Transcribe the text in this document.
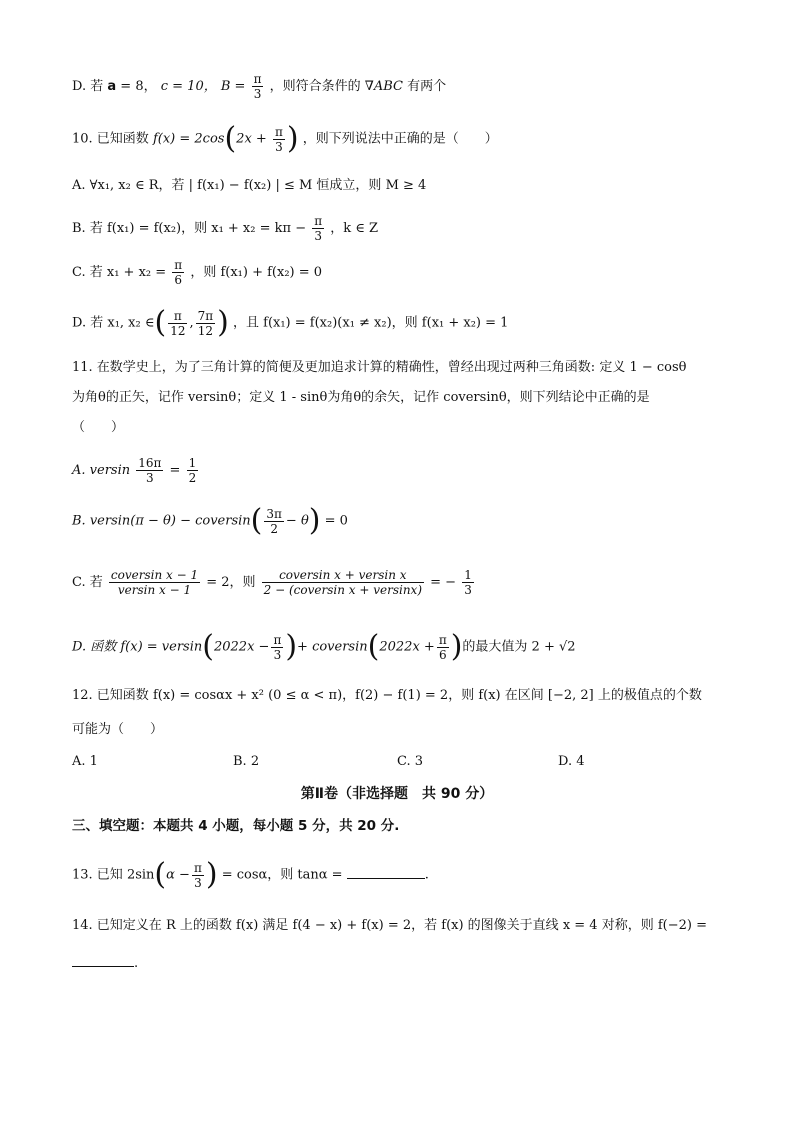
D. 若 a = 8， c = 10， $B = \frac{\pi}{3}$ ，则符合条件的 ∇ABC 有两个
10. 已知函数 $f(x) = 2\cos(2x + \frac{\pi}{3}$ ) ，则下列说法中正确的是（　　）
A. ∀x₁, x₂ ∈ R，若 | f(x₁) − f(x₂) | ≤ M 恒成立，则 M ≥ 4
B. 若 f(x₁) = f(x₂)，则 $x_1 + x_2 = k\pi - \frac{\pi}{3}$ ，k ∈ Z
C. 若 $x_1 + x_2 = \frac{\pi}{6}$ ，则 f(x₁) + f(x₂) = 0
D. 若 x₁, x₂ ∈( $\frac{\pi}{12}$ , $\frac{7\pi}{12}$ ) ，且 f(x₁) = f(x₂)(x₁ ≠ x₂)，则 f(x₁ + x₂) = 1
11. 在数学史上，为了三角计算的简便及更加追求计算的精确性，曾经出现过两种三角函数: 定义 1 − cosθ
为角θ的正矢，记作 versinθ；定义 1 - sinθ为角θ的余矢，记作 coversinθ，则下列结论中正确的是
（　　）
A. versin $\frac{16\pi}{3} = \frac{1}{2}$
B. versin(π − θ) − coversin( $\frac{3\pi}{2} - \theta) = 0$
C. 若 $\frac{\text{coversin x − 1}}{\text{versin x − 1}} = 2$，则 $\frac{\text{coversin x + versin x}}{\text{2 − (coversin x + versinx)}}$ = − $\frac{1}{3}$
D. 函数 $f(x) = versin(2022x - \frac{\pi}{3}$ )+ coversin(2022x + $\frac{\pi}{6}$ )的最大值为 2 + √2
12. 已知函数 f(x) = cosαx + x² (0 ≤ α < π)，f(2) − f(1) = 2，则 f(x) 在区间 [−2, 2] 上的极值点的个数
可能为（　　）
A. 1	B. 2	C. 3	D. 4
第Ⅱ卷（非选择题　共 90 分）
三、填空题：本题共 4 小题，每小题 5 分，共 20 分.
13. 已知 $2\sin(\alpha - \frac{\pi}{3}$ ) = cosα，则 tanα =	.
14. 已知定义在 R 上的函数 f(x) 满足 f(4 − x) + f(x) = 2，若 f(x) 的图像关于直线 x = 4 对称，则 f(−2) =
.
